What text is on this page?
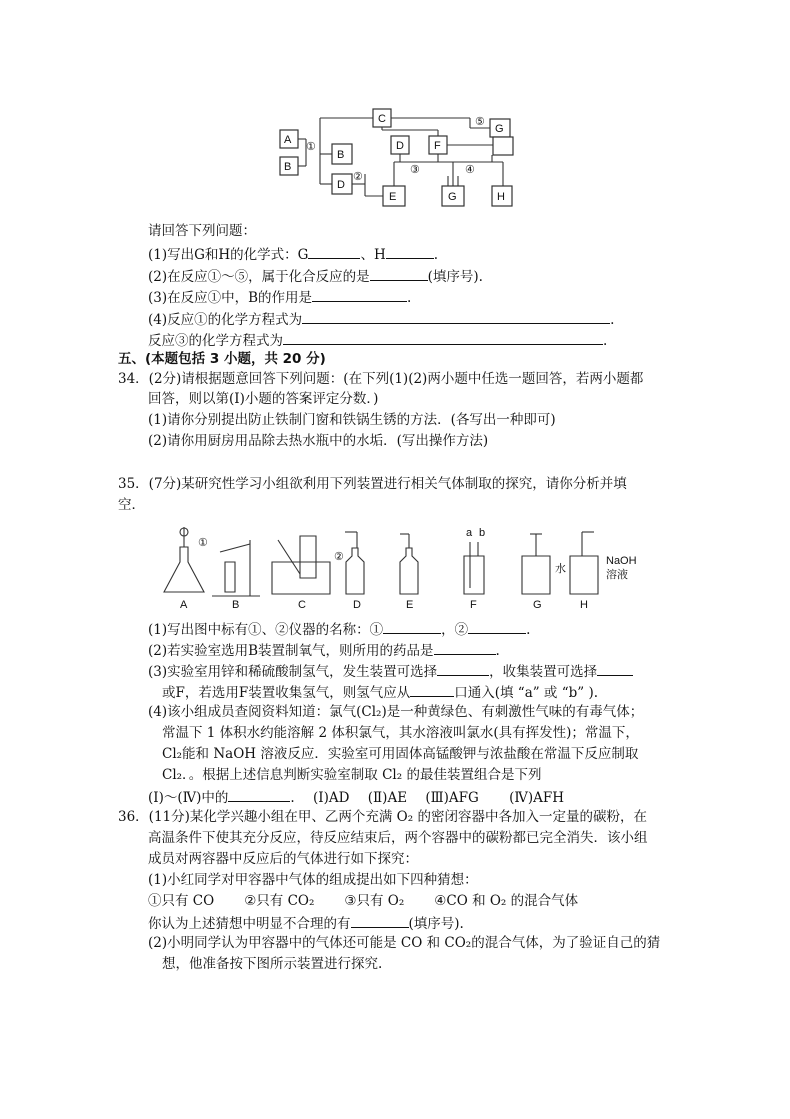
A
B
B
C
D
D	F
E	G	H
G
①
②
③	④
⑤
请回答下列问题：
(1)写出G和H的化学式：G	、H	.
(2)在反应①～⑤，属于化合反应的是	(填序号).
(3)在反应①中，B的作用是	.
(4)反应①的化学方程式为	.
反应③的化学方程式为	.
五、(本题包括 3 小题，共 20 分)
34．(2分)请根据题意回答下列问题：(在下列(1)(2)两小题中任选一题回答，若两小题都
回答，则以第(I)小题的答案评定分数．)
(1)请你分别提出防止铁制门窗和铁锅生锈的方法．(各写出一种即可)
(2)请你用厨房用品除去热水瓶中的水垢．(写出操作方法)
35．(7分)某研究性学习小组欲利用下列装置进行相关气体制取的探究，请你分析并填
空．
A	B	C	D	E	F	G	H
①
②
a b
水
NaOH
溶液
(1)写出图中标有①、②仪器的名称：①	，②	.
(2)若实验室选用B装置制氧气，则所用的药品是	.
(3)实验室用锌和稀硫酸制氢气，发生装置可选择	，收集装置可选择
或F，若选用F装置收集氢气，则氢气应从	口通入(填 “a” 或 “b” ).
(4)该小组成员查阅资料知道：氯气(Cl₂)是一种黄绿色、有刺激性气味的有毒气体；
常温下 1 体积水约能溶解 2 体积氯气，其水溶液叫氯水(具有挥发性)；常温下，
Cl₂能和 NaOH 溶液反应．实验室可用固体高锰酸钾与浓盐酸在常温下反应制取
Cl₂．。根据上述信息判断实验室制取 Cl₂ 的最佳装置组合是下列
(Ⅰ)～(Ⅳ)中的	. (Ⅰ)AD (Ⅱ)AE (Ⅲ)AFG (Ⅳ)AFH
36．(11分)某化学兴趣小组在甲、乙两个充满 O₂ 的密闭容器中各加入一定量的碳粉，在
高温条件下使其充分反应，待反应结束后，两个容器中的碳粉都已完全消失．该小组
成员对两容器中反应后的气体进行如下探究：
(1)小红同学对甲容器中气体的组成提出如下四种猜想：
①只有 CO ②只有 CO₂ ③只有 O₂ ④CO 和 O₂ 的混合气体
你认为上述猜想中明显不合理的有	(填序号).
(2)小明同学认为甲容器中的气体还可能是 CO 和 CO₂的混合气体，为了验证自己的猜
想，他准备按下图所示装置进行探究.
